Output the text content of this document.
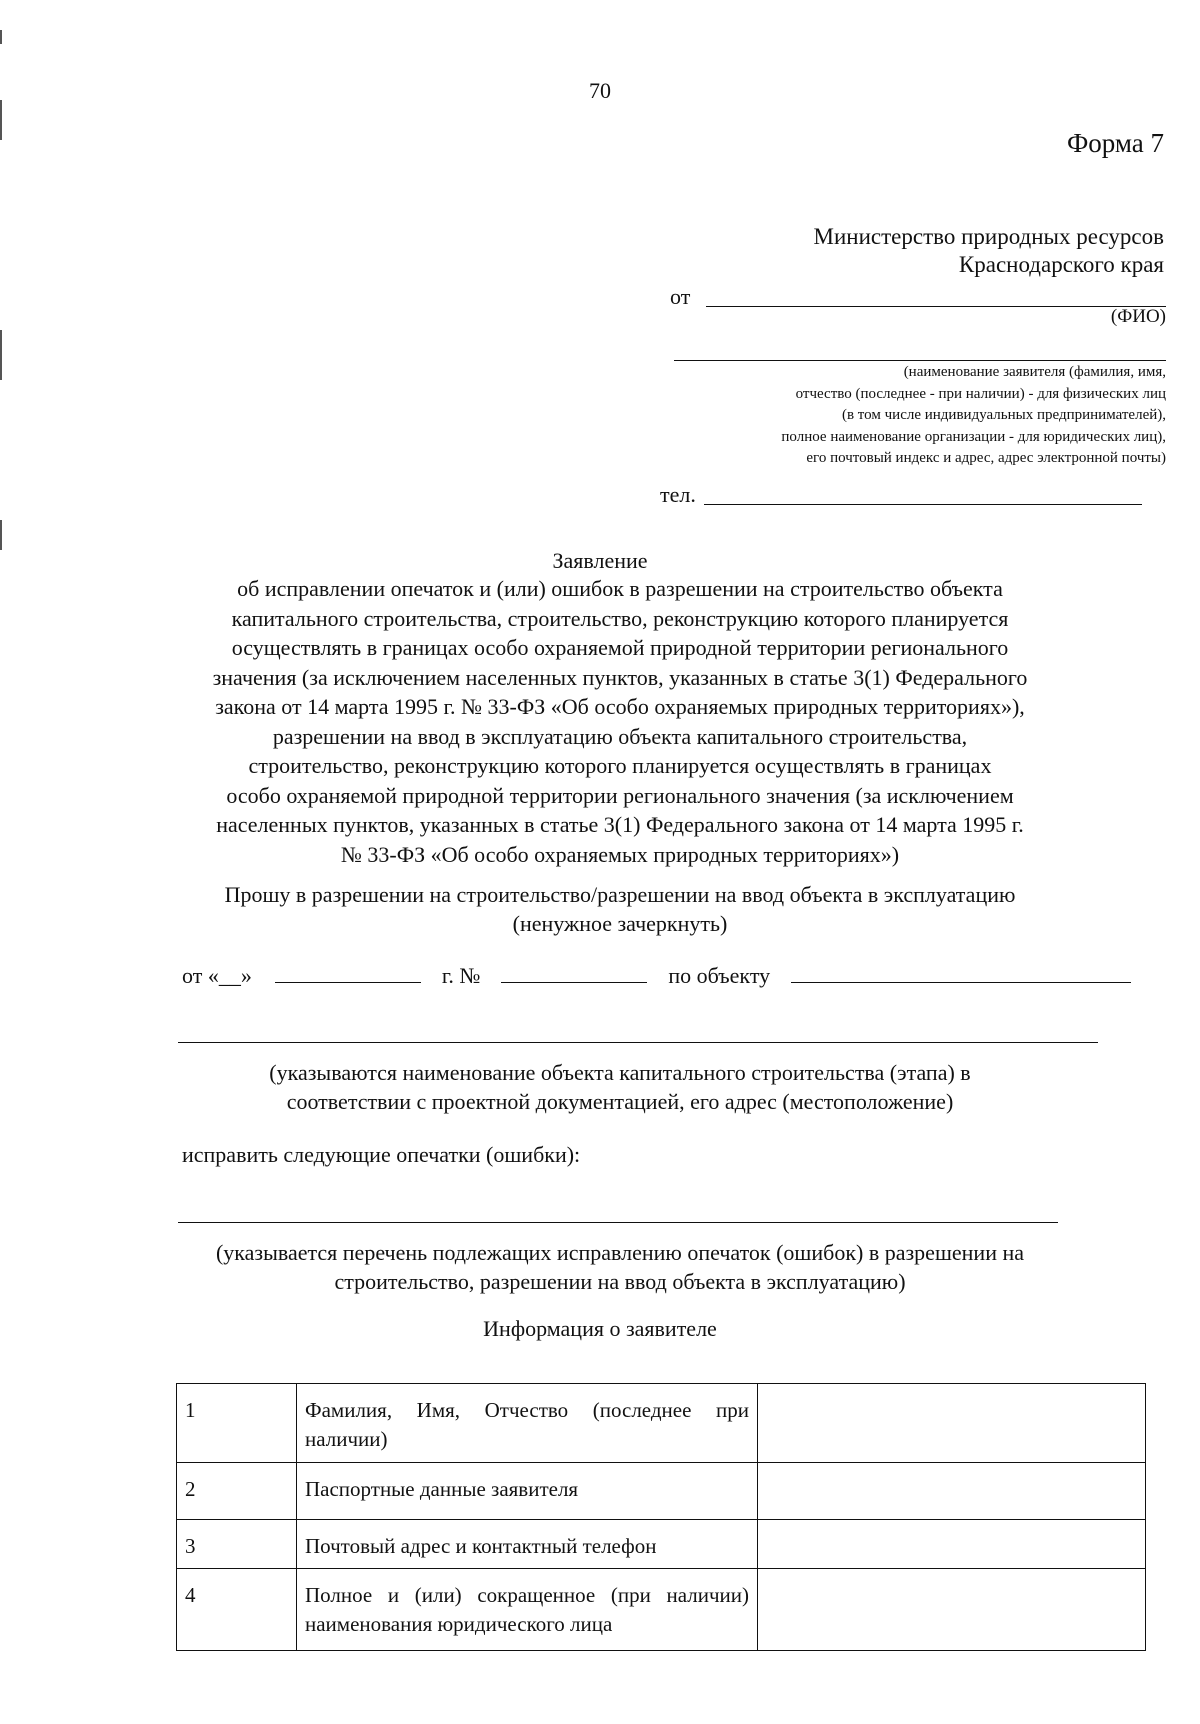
70
Форма 7
Министерство природных ресурсов
Краснодарского края
от
(ФИО)
(наименование заявителя (фамилия, имя,
отчество (последнее - при наличии) - для физических лиц
(в том числе индивидуальных предпринимателей),
полное наименование организации - для юридических лиц),
его почтовый индекс и адрес, адрес электронной почты)
тел.
Заявление
об исправлении опечаток и (или) ошибок в разрешении на строительство объекта
капитального строительства, строительство, реконструкцию которого планируется
осуществлять в границах особо охраняемой природной территории регионального
значения (за исключением населенных пунктов, указанных в статье 3(1) Федерального
закона от 14 марта 1995 г. № 33-ФЗ «Об особо охраняемых природных территориях»),
разрешении на ввод в эксплуатацию объекта капитального строительства,
строительство, реконструкцию которого планируется осуществлять в границах
особо охраняемой природной территории регионального значения (за исключением
населенных пунктов, указанных в статье 3(1) Федерального закона от 14 марта 1995 г.
№ 33-ФЗ «Об особо охраняемых природных территориях»)
Прошу в разрешении на строительство/разрешении на ввод объекта в эксплуатацию
(ненужное зачеркнуть)
от «__»	г. №	по объекту
(указываются наименование объекта капитального строительства (этапа) в
соответствии с проектной документацией, его адрес (местоположение)
исправить следующие опечатки (ошибки):
(указывается перечень подлежащих исправлению опечаток (ошибок) в разрешении на
строительство, разрешении на ввод объекта в эксплуатацию)
Информация о заявителе
1	Фамилия, Имя, Отчество (последнее при наличии)	
2	Паспортные данные заявителя	
3	Почтовый адрес и контактный телефон	
4	Полное и (или) сокращенное (при наличии) наименования юридического лица	
